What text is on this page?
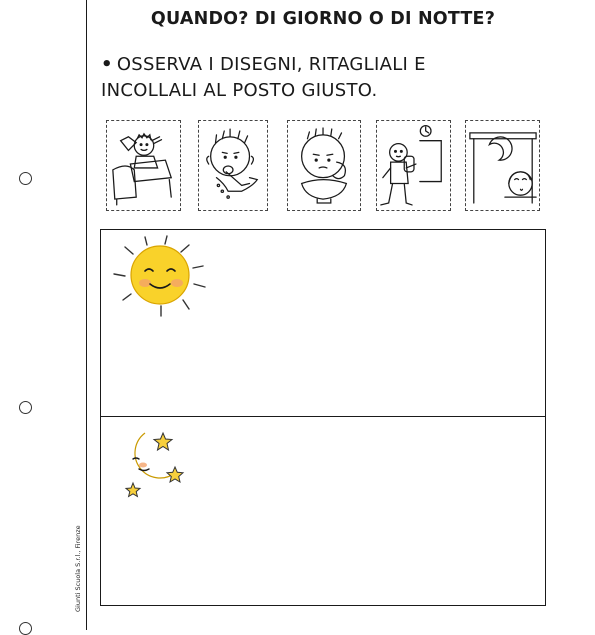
QUANDO? DI GIORNO O DI NOTTE?
• OSSERVA I DISEGNI, RITAGLIALI E
INCOLLALI AL POSTO GIUSTO.
Giunti Scuola S.r.l., Firenze
